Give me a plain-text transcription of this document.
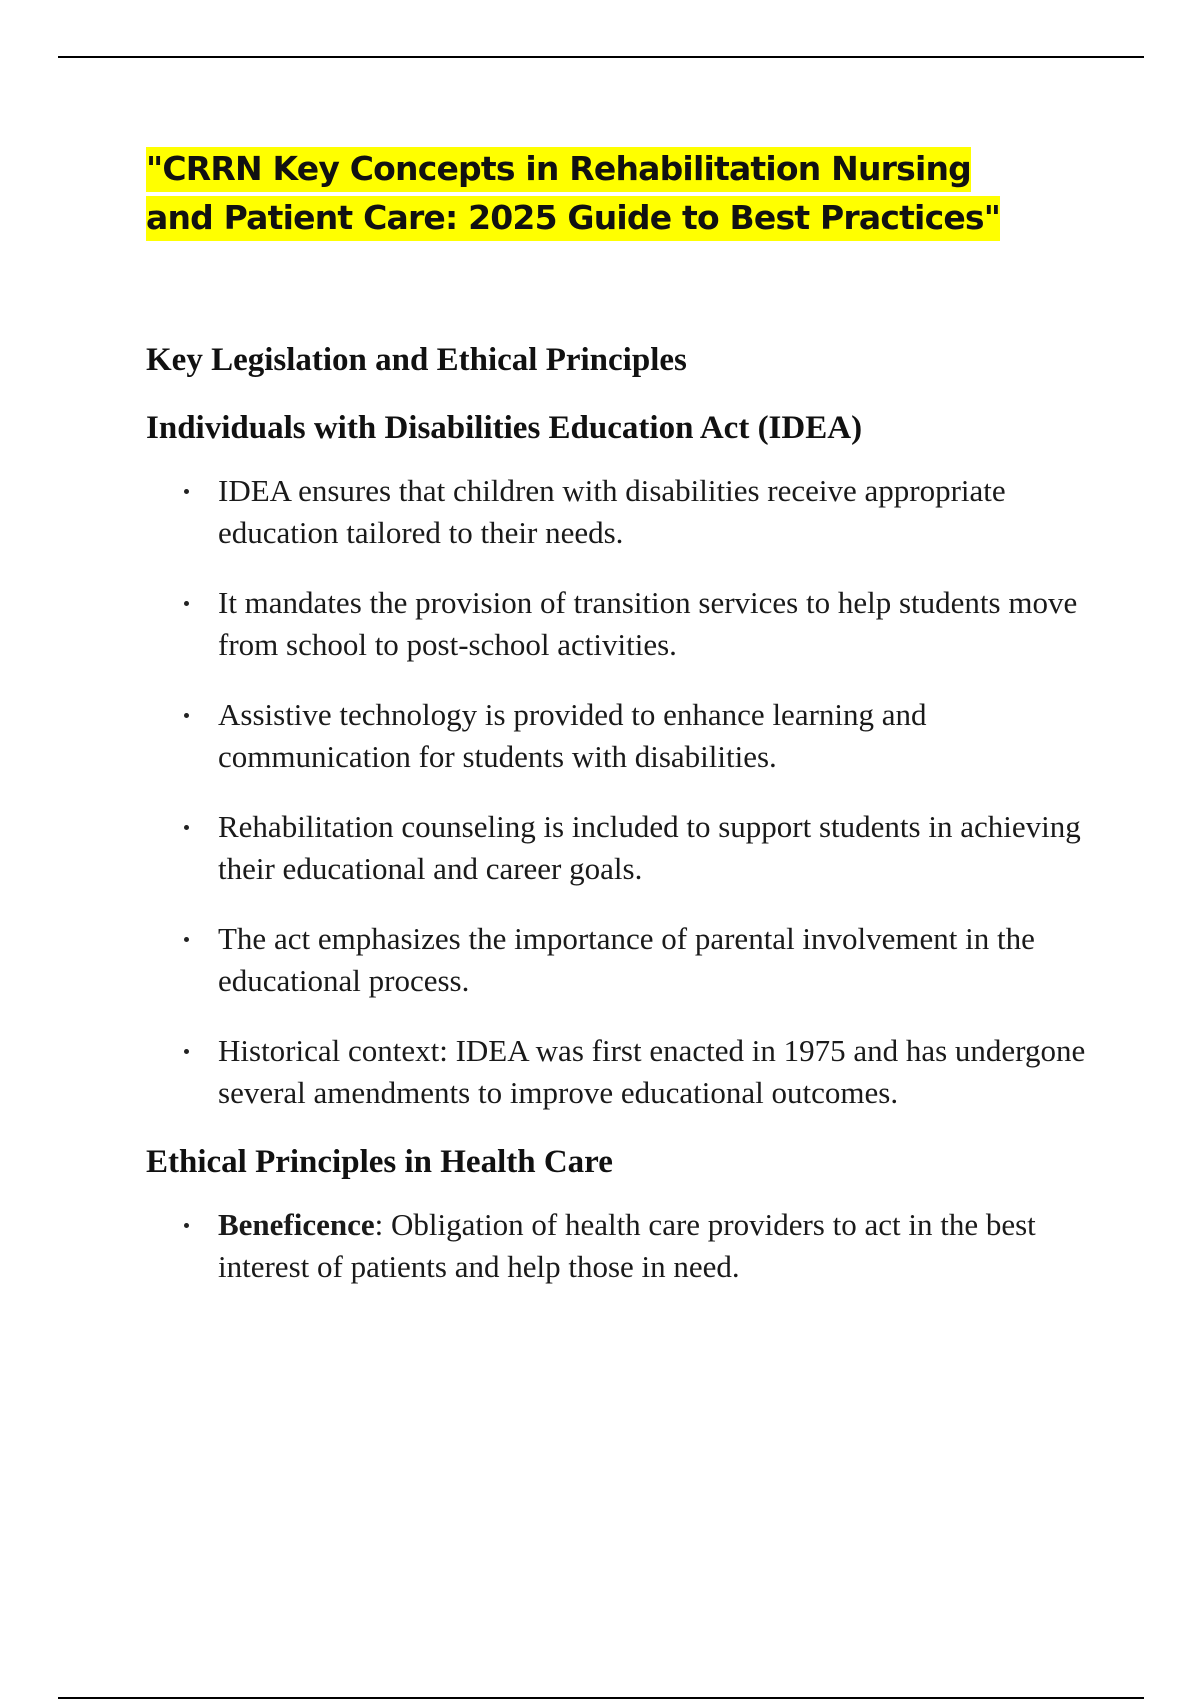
"CRRN Key Concepts in Rehabilitation Nursing and Patient Care: 2025 Guide to Best Practices"
Key Legislation and Ethical Principles
Individuals with Disabilities Education Act (IDEA)
IDEA ensures that children with disabilities receive appropriate education tailored to their needs.
It mandates the provision of transition services to help students move from school to post-school activities.
Assistive technology is provided to enhance learning and communication for students with disabilities.
Rehabilitation counseling is included to support students in achieving their educational and career goals.
The act emphasizes the importance of parental involvement in the educational process.
Historical context: IDEA was first enacted in 1975 and has undergone several amendments to improve educational outcomes.
Ethical Principles in Health Care
Beneficence: Obligation of health care providers to act in the best interest of patients and help those in need.
